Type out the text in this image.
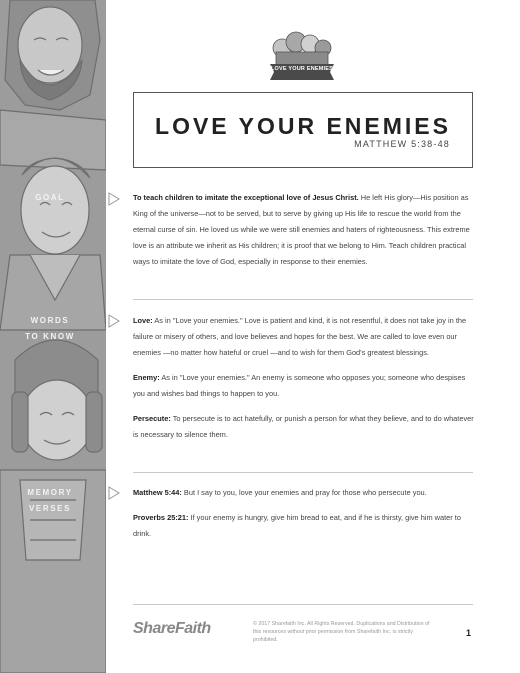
GOAL
WORDS
TO KNOW
MEMORY
VERSES
LOVE YOUR ENEMIES
LOVE YOUR ENEMIES
MATTHEW 5:38-48

To teach children to imitate the exceptional love of Jesus Christ. He left His glory—His position as King of the universe—not to be served, but to serve by giving up His life to rescue the world from the eternal curse of sin. He loved us while we were still enemies and haters of righteousness. This extreme love is an attribute we inherit as His children; it is proof that we belong to Him. Teach children practical ways to imitate the love of God, especially in response to their enemies.

Love: As in "Love your enemies." Love is patient and kind, it is not resentful, it does not take joy in the failure or misery of others, and love believes and hopes for the best. We are called to love even our enemies —no matter how hateful or cruel —and to wish for them God's greatest blessings.

Enemy: As in "Love your enemies." An enemy is someone who opposes you; someone who despises you and wishes bad things to happen to you.

Persecute: To persecute is to act hatefully, or punish a person for what they believe, and to do whatever is necessary to silence them.

Matthew 5:44: But I say to you, love your enemies and pray for those who persecute you.

Proverbs 25:21: If your enemy is hungry, give him bread to eat, and if he is thirsty, give him water to drink.

ShareFaith	© 2017 Sharefaith Inc. All Rights Reserved. Duplications and Distribution of this resources without prior permission from Sharefaith Inc. is strictly prohibited.
1
